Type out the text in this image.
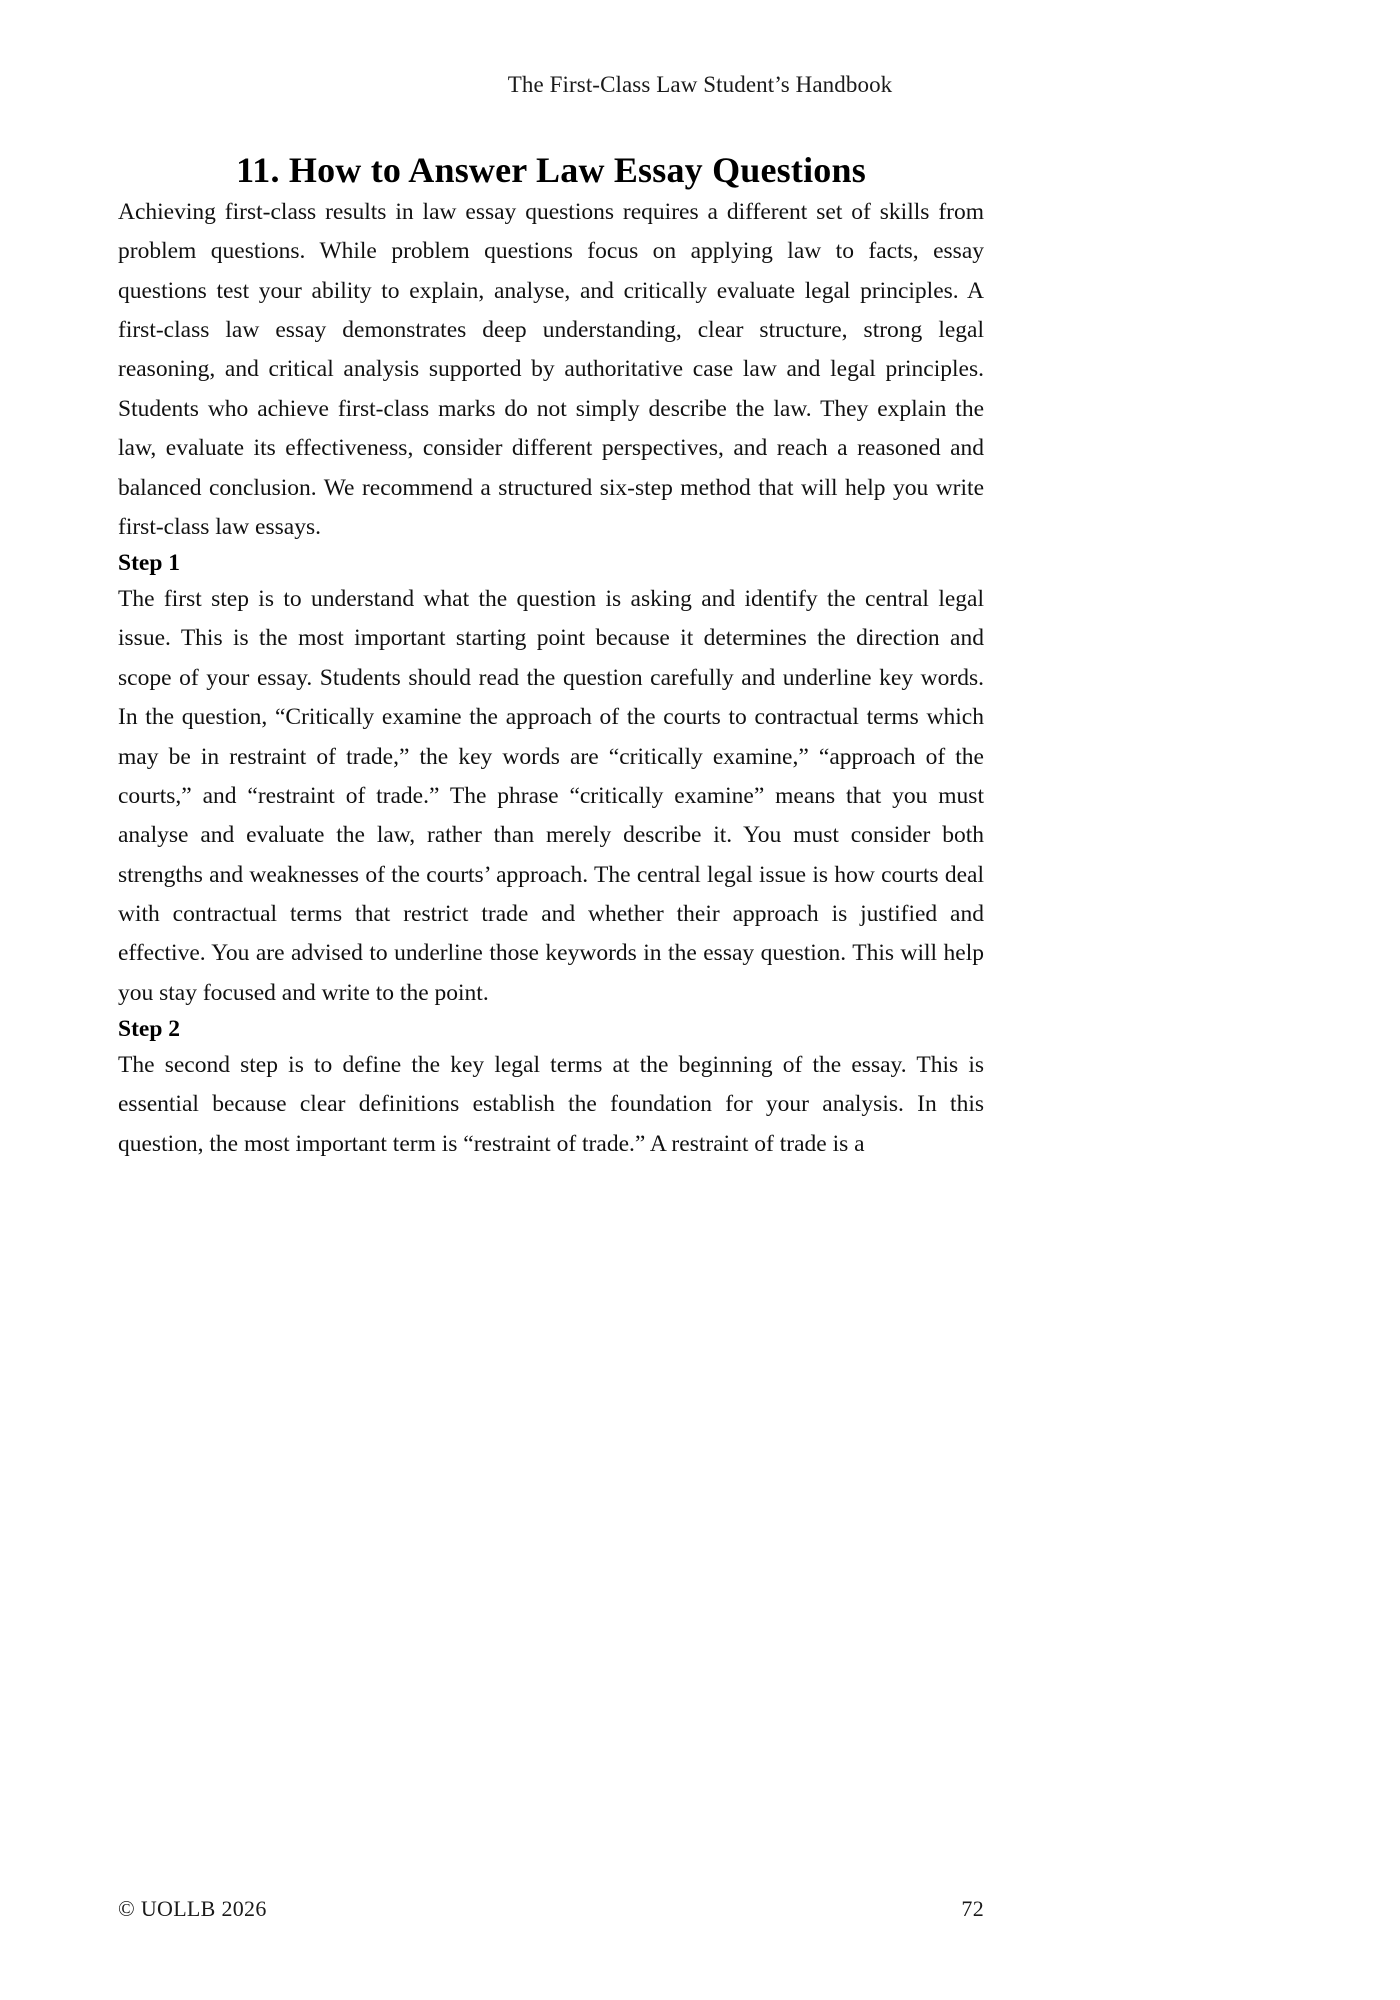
The First-Class Law Student’s Handbook
11. How to Answer Law Essay Questions

Achieving first-class results in law essay questions requires a different set of skills from problem questions. While problem questions focus on applying law to facts, essay questions test your ability to explain, analyse, and critically evaluate legal principles. A first-class law essay demonstrates deep understanding, clear structure, strong legal reasoning, and critical analysis supported by authoritative case law and legal principles. Students who achieve first-class marks do not simply describe the law. They explain the law, evaluate its effectiveness, consider different perspectives, and reach a reasoned and balanced conclusion. We recommend a structured six-step method that will help you write first-class law essays.

Step 1

The first step is to understand what the question is asking and identify the central legal issue. This is the most important starting point because it determines the direction and scope of your essay. Students should read the question carefully and underline key words. In the question, “Critically examine the approach of the courts to contractual terms which may be in restraint of trade,” the key words are “critically examine,” “approach of the courts,” and “restraint of trade.” The phrase “critically examine” means that you must analyse and evaluate the law, rather than merely describe it. You must consider both strengths and weaknesses of the courts’ approach. The central legal issue is how courts deal with contractual terms that restrict trade and whether their approach is justified and effective. You are advised to underline those keywords in the essay question. This will help you stay focused and write to the point.

Step 2

The second step is to define the key legal terms at the beginning of the essay. This is essential because clear definitions establish the foundation for your analysis. In this question, the most important term is “restraint of trade.” A restraint of trade is a

© UOLLB 2026	72
